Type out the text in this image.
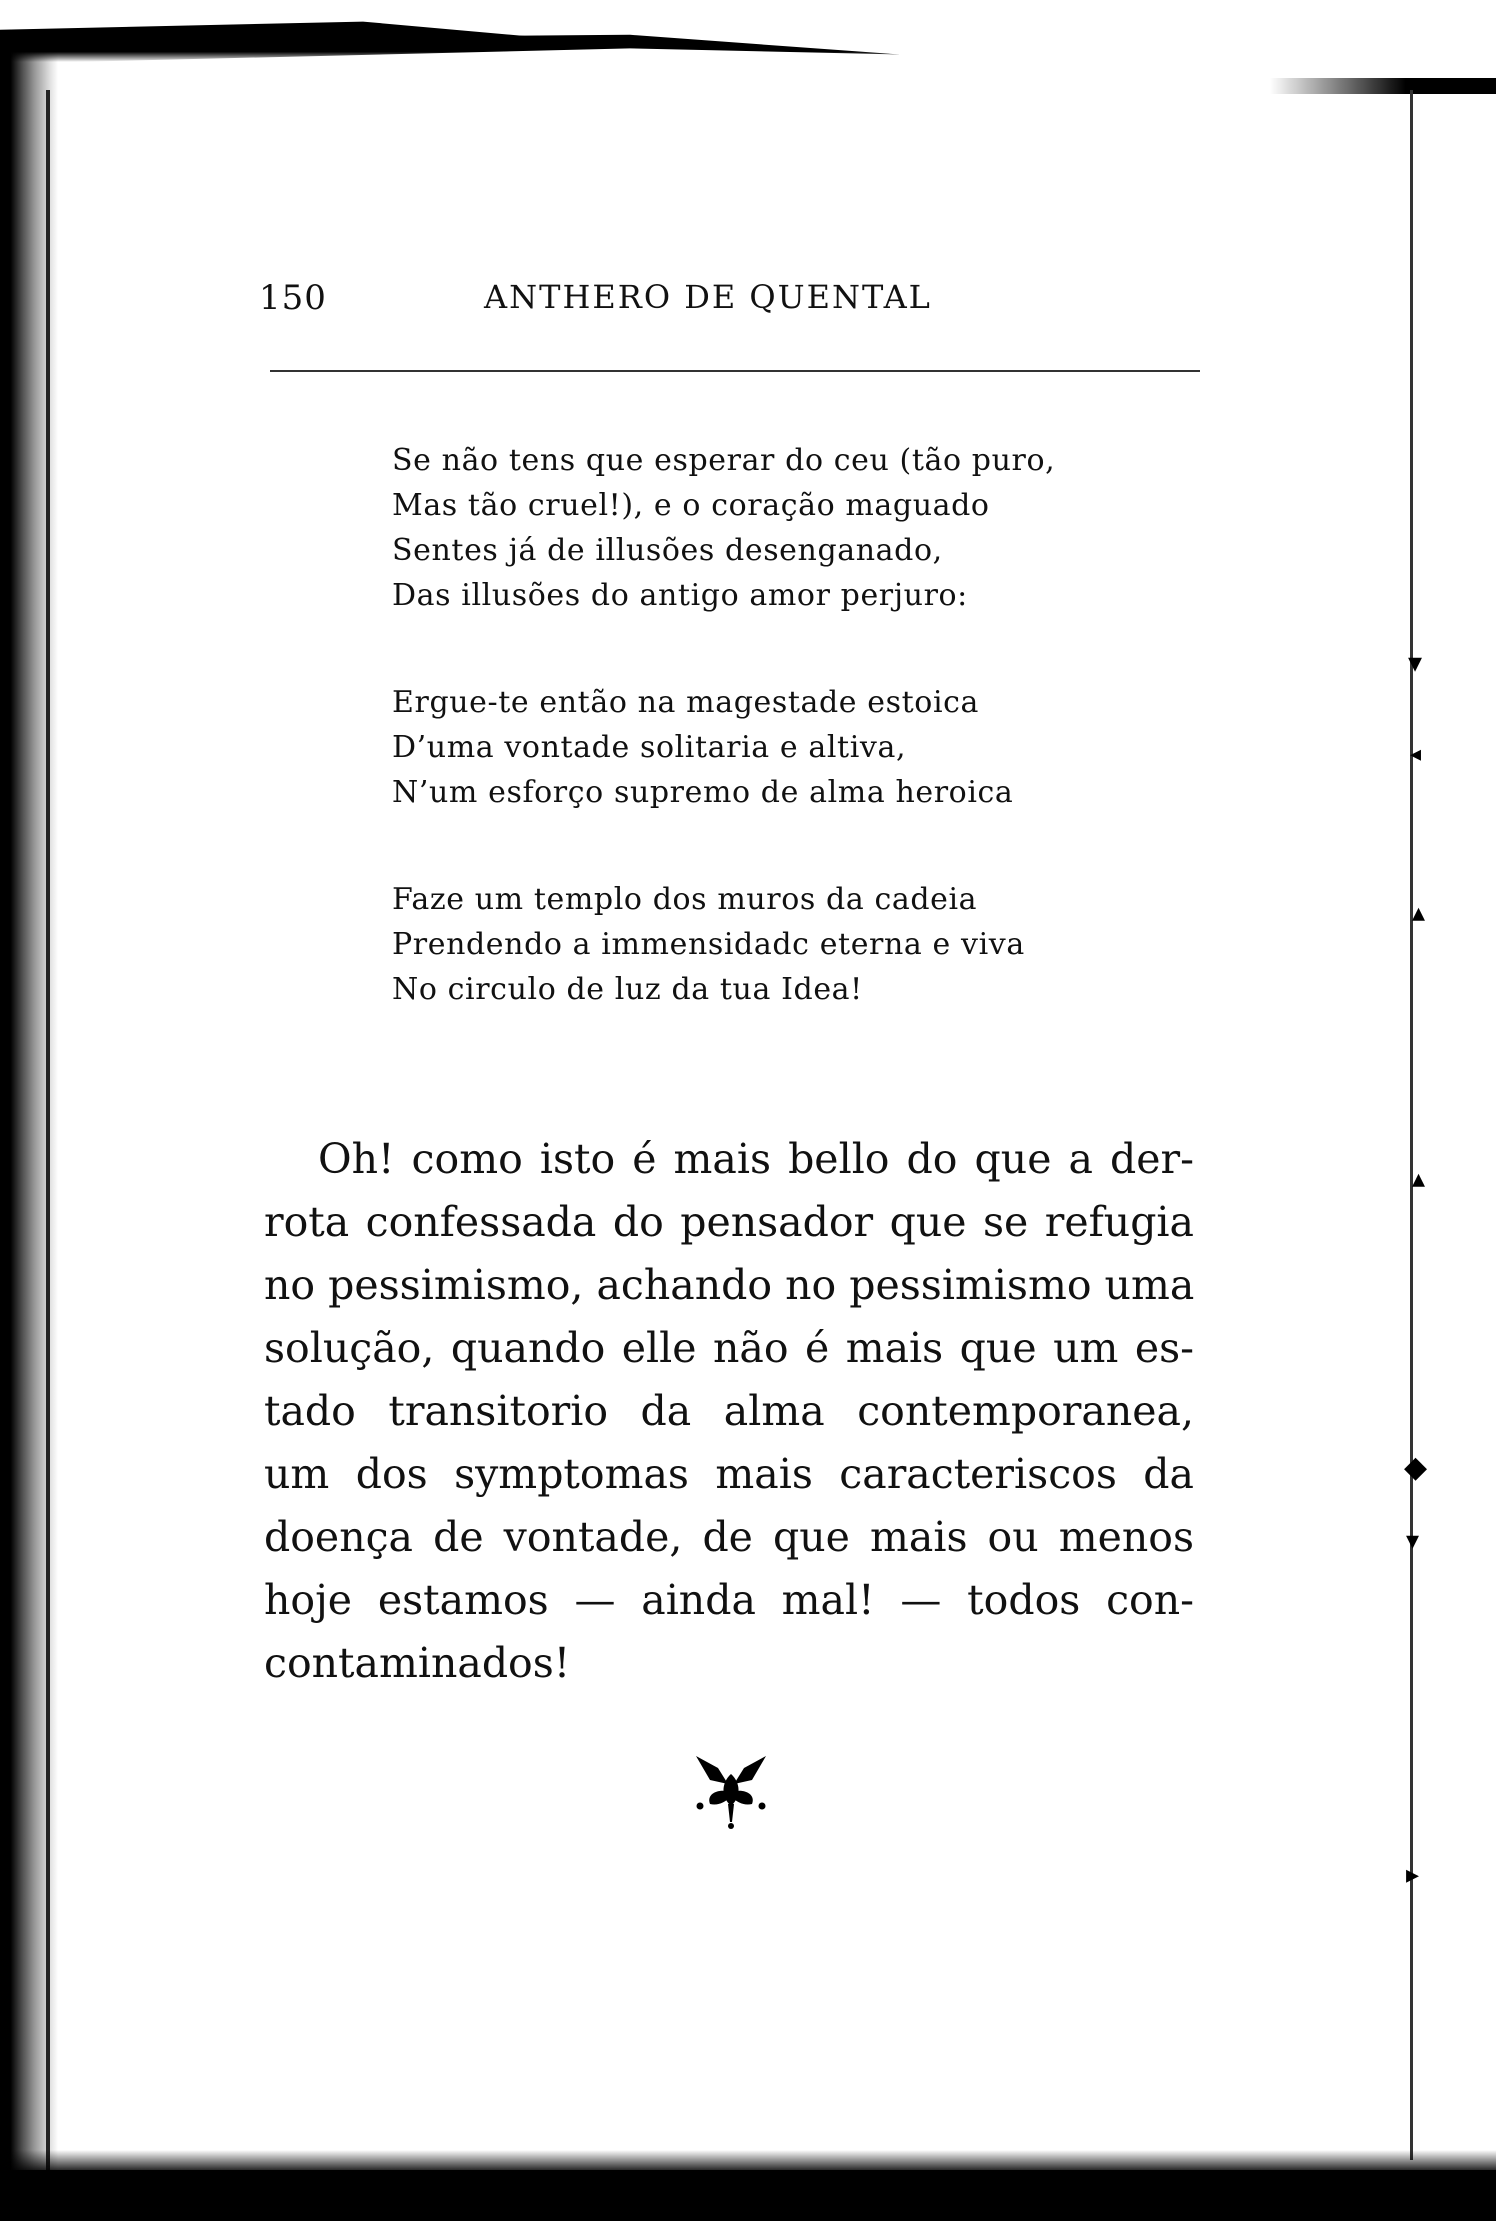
▾
◂
▴
▴
◆
▾
▸
150	ANTHERO DE QUENTAL
Se não tens que esperar do ceu (tão puro,
Mas tão cruel!), e o coração maguado
Sentes já de illusões desenganado,
Das illusões do antigo amor perjuro:
Ergue-te então na magestade estoica
D’uma vontade solitaria e altiva,
N’um esforço supremo de alma heroica
Faze um templo dos muros da cadeia
Prendendo a immensidadc eterna e viva
No circulo de luz da tua Idea!
Oh! como isto é mais bello do que a der-
rota confessada do pensador que se refugia
no pessimismo, achando no pessimismo uma
solução, quando elle não é mais que um es-
tado transitorio da alma contemporanea,
um dos symptomas mais caracteriscos da
doença de vontade, de que mais ou menos
hoje estamos — ainda mal! — todos con-
contaminados!
